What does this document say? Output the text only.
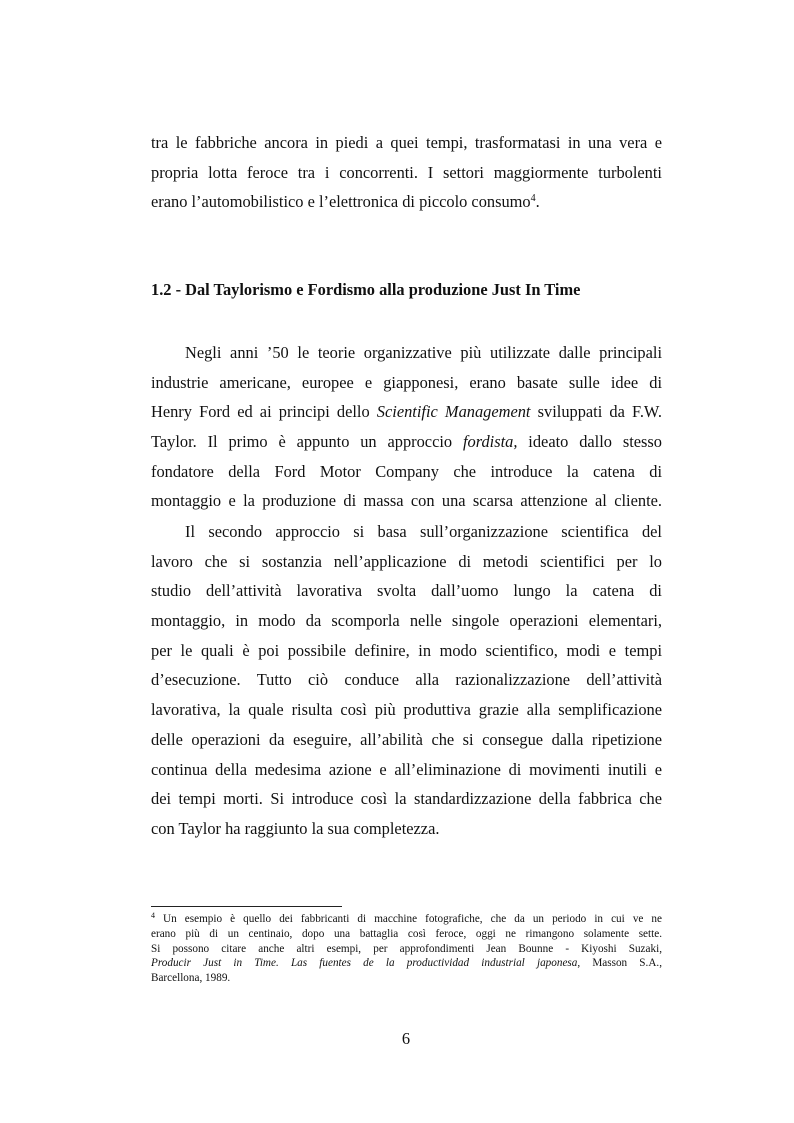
tra le fabbriche ancora in piedi a quei tempi, trasformatasi in una vera e
propria lotta feroce tra i concorrenti. I settori maggiormente turbolenti
erano l’automobilistico e l’elettronica di piccolo consumo$^4$.
1.2 - Dal Taylorismo e Fordismo alla produzione Just In Time
Negli anni ’50 le teorie organizzative più utilizzate dalle principali
industrie americane, europee e giapponesi, erano basate sulle idee di
Henry Ford ed ai principi dello Scientific Management sviluppati da F.W.
Taylor. Il primo è appunto un approccio fordista, ideato dallo stesso
fondatore della Ford Motor Company che introduce la catena di
montaggio e la produzione di massa con una scarsa attenzione al cliente.
Il secondo approccio si basa sull’organizzazione scientifica del
lavoro che si sostanzia nell’applicazione di metodi scientifici per lo
studio dell’attività lavorativa svolta dall’uomo lungo la catena di
montaggio, in modo da scomporla nelle singole operazioni elementari,
per le quali è poi possibile definire, in modo scientifico, modi e tempi
d’esecuzione. Tutto ciò conduce alla razionalizzazione dell’attività
lavorativa, la quale risulta così più produttiva grazie alla semplificazione
delle operazioni da eseguire, all’abilità che si consegue dalla ripetizione
continua della medesima azione e all’eliminazione di movimenti inutili e
dei tempi morti. Si introduce così la standardizzazione della fabbrica che
con Taylor ha raggiunto la sua completezza.
$^4$ Un esempio è quello dei fabbricanti di macchine fotografiche, che da un periodo in cui ve ne
erano più di un centinaio, dopo una battaglia così feroce, oggi ne rimangono solamente sette.
Si possono citare anche altri esempi, per approfondimenti Jean Bounne - Kiyoshi Suzaki,
Producir Just in Time. Las fuentes de la productividad industrial japonesa, Masson S.A.,
Barcellona, 1989.
6
